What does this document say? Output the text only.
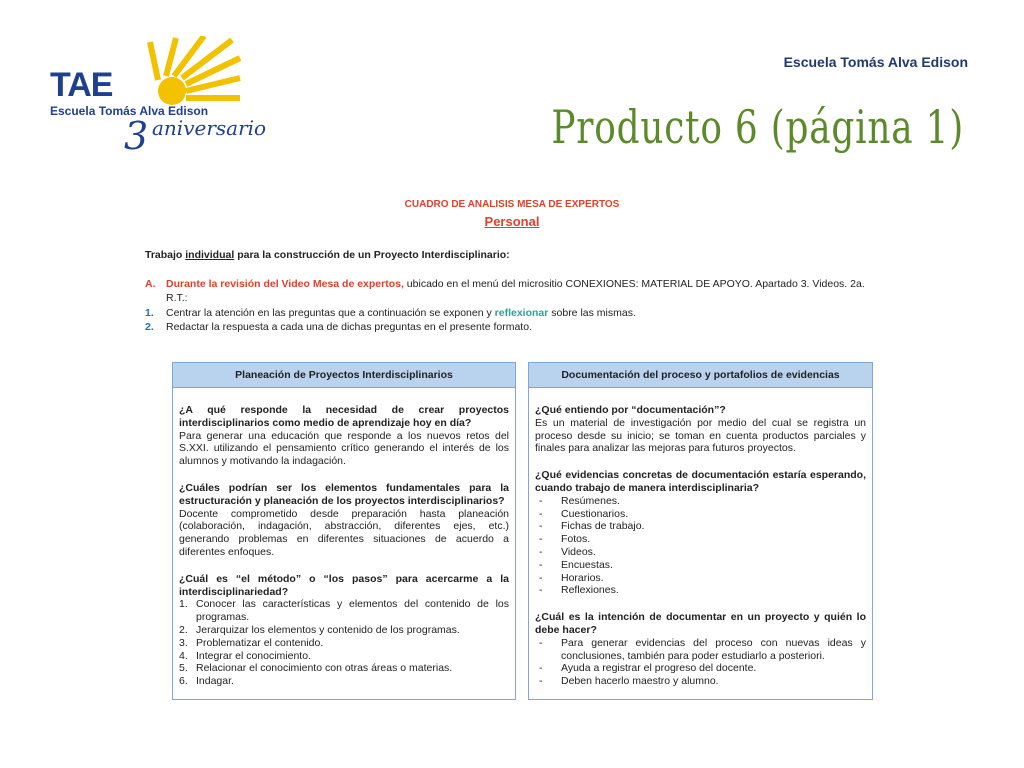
TAE
Escuela Tomás Alva Edison
3 aniversario
Escuela Tomás Alva Edison
Producto 6 (página 1)
CUADRO DE ANALISIS MESA DE EXPERTOS
Personal
Trabajo individual para la construcción de un Proyecto Interdisciplinario:
A.	Durante la revisión del Video Mesa de expertos, ubicado en el menú del micrositio CONEXIONES: MATERIAL DE APOYO. Apartado 3. Videos. 2a. R.T.:
1.	Centrar la atención en las preguntas que a continuación se exponen y reflexionar sobre las mismas.
2.	Redactar la respuesta a cada una de dichas preguntas en el presente formato.
Planeación de Proyectos Interdisciplinarios
¿A qué responde la necesidad de crear proyectos interdisciplinarios como medio de aprendizaje hoy en día?
Para generar una educación que responde a los nuevos retos del S.XXI. utilizando el pensamiento crítico generando el interés de los alumnos y motivando la indagación.
¿Cuáles podrían ser los elementos fundamentales para la estructuración y planeación de los proyectos interdisciplinarios?
Docente comprometido desde preparación hasta planeación (colaboración, indagación, abstracción, diferentes ejes, etc.) generando problemas en diferentes situaciones de acuerdo a diferentes enfoques.
¿Cuál es “el método” o “los pasos” para acercarme a la interdisciplinariedad?
1. Conocer las características y elementos del contenido de los programas.
2. Jerarquizar los elementos y contenido de los programas.
3. Problematizar el contenido.
4. Integrar el conocimiento.
5. Relacionar el conocimiento con otras áreas o materias.
6. Indagar.
Documentación del proceso y portafolios de evidencias
¿Qué entiendo por “documentación”?
Es un material de investigación por medio del cual se registra un proceso desde su inicio; se toman en cuenta productos parciales y finales para analizar las mejoras para futuros proyectos.
¿Qué evidencias concretas de documentación estaría esperando, cuando trabajo de manera interdisciplinaria?
-	Resúmenes.
-	Cuestionarios.
-	Fichas de trabajo.
-	Fotos.
-	Videos.
-	Encuestas.
-	Horarios.
-	Reflexiones.
¿Cuál es la intención de documentar en un proyecto y quién lo debe hacer?
-	Para generar evidencias del proceso con nuevas ideas y conclusiones, también para poder estudiarlo a posteriori.
-	Ayuda a registrar el progreso del docente.
-	Deben hacerlo maestro y alumno.
